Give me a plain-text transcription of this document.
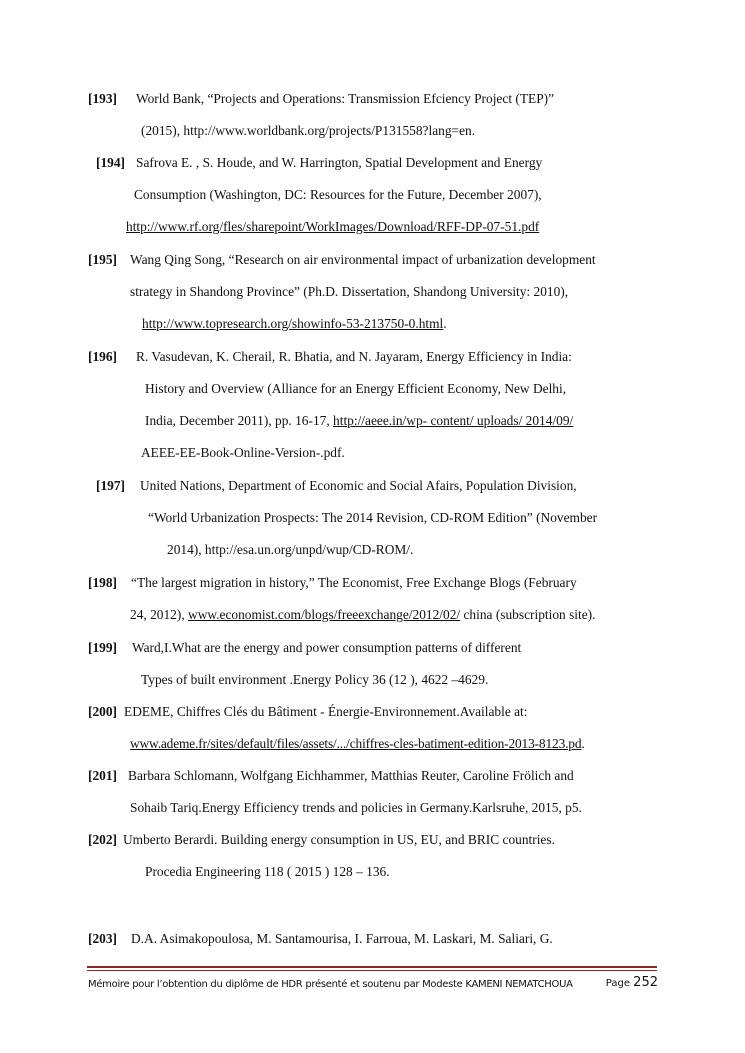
[193] World Bank, “Projects and Operations: Transmission Efciency Project (TEP)”
(2015), http://www.worldbank.org/projects/P131558?lang=en.
[194] Safrova E. , S. Houde, and W. Harrington, Spatial Development and Energy
Consumption (Washington, DC: Resources for the Future, December 2007),
http://www.rf.org/fles/sharepoint/WorkImages/Download/RFF-DP-07-51.pdf
[195] Wang Qing Song, “Research on air environmental impact of urbanization development
strategy in Shandong Province” (Ph.D. Dissertation, Shandong University: 2010),
http://www.topresearch.org/showinfo-53-213750-0.html.
[196] R. Vasudevan, K. Cherail, R. Bhatia, and N. Jayaram, Energy Efficiency in India:
History and Overview (Alliance for an Energy Efficient Economy, New Delhi,
India, December 2011), pp. 16-17, http://aeee.in/wp- content/ uploads/ 2014/09/
AEEE-EE-Book-Online-Version-.pdf.
[197] United Nations, Department of Economic and Social Afairs, Population Division,
“World Urbanization Prospects: The 2014 Revision, CD-ROM Edition” (November
2014), http://esa.un.org/unpd/wup/CD-ROM/.
[198] “The largest migration in history,” The Economist, Free Exchange Blogs (February
24, 2012), www.economist.com/blogs/freeexchange/2012/02/ china (subscription site).
[199] Ward,I.What are the energy and power consumption patterns of different
Types of built environment .Energy Policy 36 (12 ), 4622 –4629.
[200] EDEME, Chiffres Clés du Bâtiment - Énergie-Environnement.Available at:
www.ademe.fr/sites/default/files/assets/.../chiffres-cles-batiment-edition-2013-8123.pd.
[201] Barbara Schlomann, Wolfgang Eichhammer, Matthias Reuter, Caroline Frölich and
Sohaib Tariq.Energy Efficiency trends and policies in Germany.Karlsruhe, 2015, p5.
[202] Umberto Berardi. Building energy consumption in US, EU, and BRIC countries.
Procedia Engineering 118 ( 2015 ) 128 – 136.
[203] D.A. Asimakopoulosa, M. Santamourisa, I. Farroua, M. Laskari, M. Saliari, G.
Mémoire pour l’obtention du diplôme de HDR présenté et soutenu par Modeste KAMENI NEMATCHOUA	Page 252
